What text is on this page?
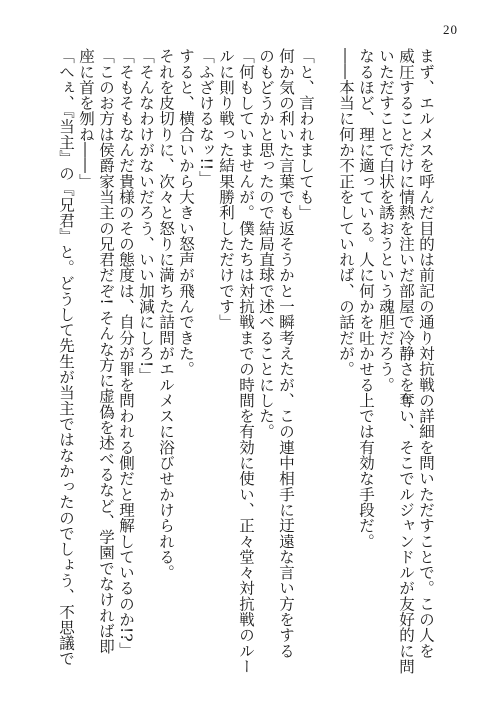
20
まず、エルメスを呼んだ目的は前記の通り対抗戦の詳細を問いただすことで。この人を
威圧することだけに情熱を注いだ部屋で冷静さを奪い、そこでルジャンドルが友好的に問
いただすことで白状を誘おうという魂胆だろう。
なるほど、理に適っている。人に何かを吐かせる上では有効な手段だ。
――本当に何か不正をしていれば、の話だが。
「と、言われましても」
何か気の利いた言葉でも返そうかと一瞬考えたが、この連中相手に迂遠な言い方をする
のもどうかと思ったので結局直球で述べることにした。
「何もしていませんが。僕たちは対抗戦までの時間を有効に使い、正々堂々対抗戦のルー
ルに則り戦った結果勝利しただけです」
「ふざけるなッ!!」
すると、横合いから大きい怒声が飛んできた。
それを皮切りに、次々と怒りに満ちた詰問がエルメスに浴びせかけられる。
「そんなわけがないだろう、いい加減にしろ!」
「そもそもなんだ貴様のその態度は、自分が罪を問われる側だと理解しているのか!?」
「このお方は侯爵家当主の兄君だぞ! そんな方に虚偽を述べるなど、学園でなければ即
座に首を刎ね――」
「へぇ、『当主』の『兄君』と。どうして先生が当主ではなかったのでしょう、不思議で
